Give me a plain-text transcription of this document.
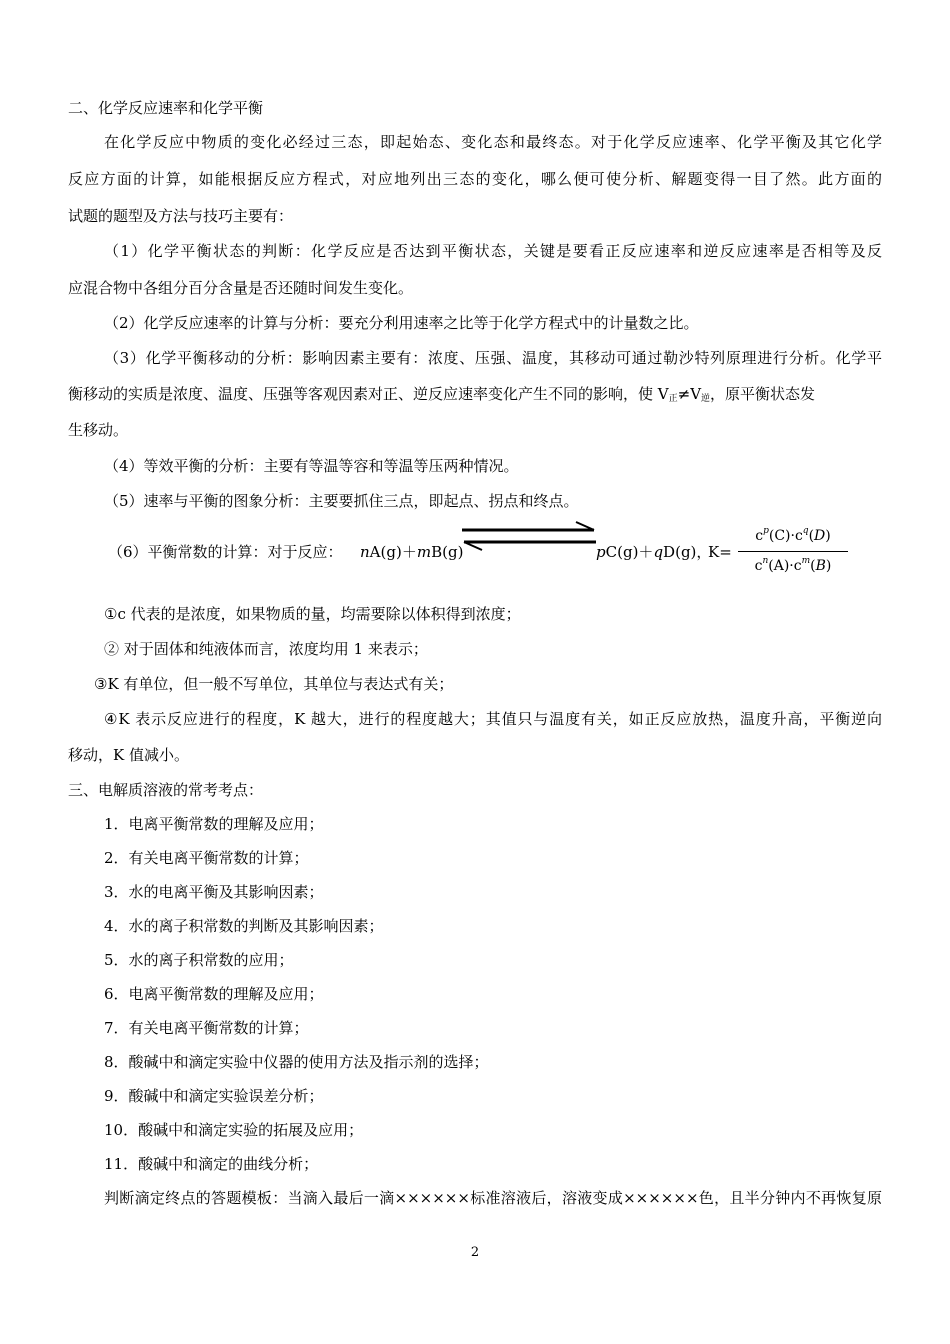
二、化学反应速率和化学平衡
在化学反应中物质的变化必经过三态，即起始态、变化态和最终态。对于化学反应速率、化学平衡及其它化学
反应方面的计算，如能根据反应方程式，对应地列出三态的变化，哪么便可使分析、解题变得一目了然。此方面的
试题的题型及方法与技巧主要有：
（1）化学平衡状态的判断：化学反应是否达到平衡状态，关键是要看正反应速率和逆反应速率是否相等及反
应混合物中各组分百分含量是否还随时间发生变化。
（2）化学反应速率的计算与分析：要充分利用速率之比等于化学方程式中的计量数之比。
（3）化学平衡移动的分析：影响因素主要有：浓度、压强、温度，其移动可通过勒沙特列原理进行分析。化学平
衡移动的实质是浓度、温度、压强等客观因素对正、逆反应速率变化产生不同的影响，使 $V_正\ne V_逆$，原平衡状态发
生移动。
（4）等效平衡的分析：主要有等温等容和等温等压两种情况。
（5）速率与平衡的图象分析：主要要抓住三点，即起点、拐点和终点。
（6）平衡常数的计算：对于反应： nA(g)＋mB(g)	pC(g)＋qD(g)，
K=
$c^p(C)\cdot c^q(D)$
$c^n(A)\cdot c^m(B)$
①c 代表的是浓度，如果物质的量，均需要除以体积得到浓度；
② 对于固体和纯液体而言，浓度均用 1 来表示；
③K 有单位，但一般不写单位，其单位与表达式有关；
④K 表示反应进行的程度，K 越大，进行的程度越大；其值只与温度有关，如正反应放热，温度升高，平衡逆向
移动，K 值减小。
三、电解质溶液的常考考点：
1．电离平衡常数的理解及应用；
2．有关电离平衡常数的计算；
3．水的电离平衡及其影响因素；
4．水的离子积常数的判断及其影响因素；
5．水的离子积常数的应用；
6．电离平衡常数的理解及应用；
7．有关电离平衡常数的计算；
8．酸碱中和滴定实验中仪器的使用方法及指示剂的选择；
9．酸碱中和滴定实验误差分析；
10．酸碱中和滴定实验的拓展及应用；
11．酸碱中和滴定的曲线分析；
判断滴定终点的答题模板：当滴入最后一滴××××××标准溶液后，溶液变成××××××色，且半分钟内不再恢复原
2
